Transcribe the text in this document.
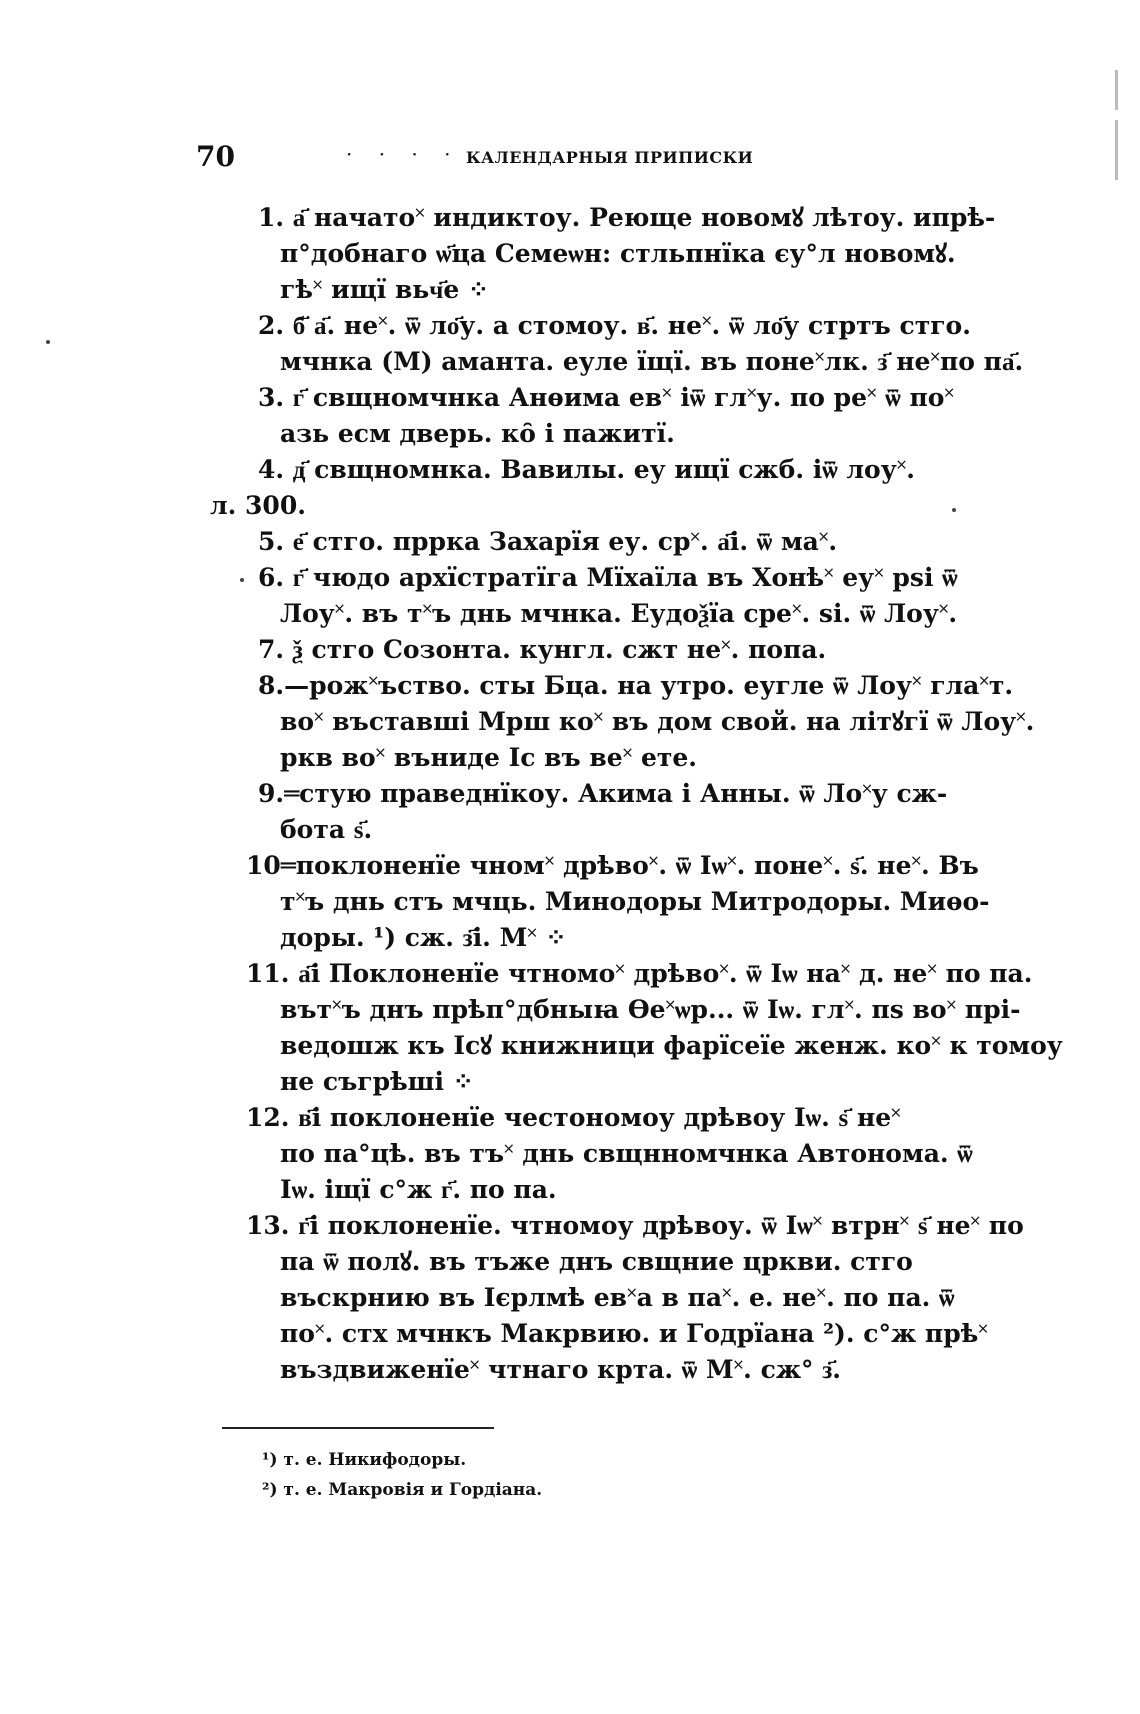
70	· · · · КАЛЕНДАРНЫЯ ПРИПИСКИ
1. а҃ начато˟ индиктоу. Реюще новомꙋ лѣтоу. ипрѣ-
п°добнаго ѡ҃ца Семеѡн: стльпнїка єу°л новомꙋ.
гѣ˟ ищї вьч҃е ⁘
2. б҃ а҃. не˟. ѿ ло҃у. а стомоу. в҃. не˟. ѿ ло҃у стртъ стго.
мчнка (М) аманта. еуле їщї. въ поне˟лк. з҃ не˟по па҃.
3. г҃ свщномчнка Анѳима ев˟ іѿ гл˟у. по ре˟ ѿ по˟
азь есм дверь. ко̑ і пажитї.
4. д҃ свщномнка. Вавилы. еу ищї сжб. іѿ лоу˟.
л. 300.
5. е҃ стго. пррка Захарїя еу. ср˟. а҃і. ѿ ма˟.
6. г҃ чюдо архїстратїга Мїхаїла въ Хонѣ˟ еу˟ рѕі ѿ
Лоу˟. въ т˟ъ днь мчнка. Еудоѯїа сре˟. ѕі. ѿ Лоу˟.
7. ѯ стго Созонта. кунгл. сжт не˟. попа.
8.—рож˟ъство. сты Бца. на утро. еугле ѿ Лоу˟ гла˟т.
во˟ въставші Мрш ко˟ въ дом свой. на літꙋгї ѿ Лоу˟.
ркв во˟ вънидe Іс въ ве˟ ете.
9.═стую праведнїкоу. Акима і Анны. ѿ Ло˟у сж-
бота ѕ҃.
10═поклоненїе чном˟ дрѣво˟. ѿ Іѡ˟. поне˟. ѕ҃. не˟. Въ
т˟ъ днь стъ мчць. Минодоры Митродоры. Миѳо-
доры. ¹) сж. з҃і. М˟ ⁘
11. а҃і Поклоненїе чтномо˟ дрѣво˟. ѿ Іѡ на˟ д. не˟ по па.
вът˟ъ днъ прѣп°дбныꙗ Ѳе˟ѡр... ѿ Іѡ. гл˟. пѕ во˟ прі-
ведошж къ Ісꙋ книжници фарїсеїе женж. ко˟ к томоу
не съгрѣші ⁘
12. в҃і поклоненїе честономоу дрѣвоу Іѡ. ѕ҃ не˟
по па°цѣ. въ тъ˟ днь свщнномчнка Автонома. ѿ
Іѡ. іщї с°ж г҃. по па.
13. г҃і поклоненїе. чтномоу дрѣвоу. ѿ Іѡ˟ втрн˟ ѕ҃ не˟ по
па ѿ полꙋ. въ тъже днъ свщние цркви. стго
въскрнию въ Ієрлмѣ ев˟а в па˟. е. не˟. по па. ѿ
по˟. стх мчнкъ Макрвию. и Годрїана ²). с°ж прѣ˟
въздвиженїе˟ чтнаго крта. ѿ М˟. сж° з҃.
¹) т. е. Никифодоры.
²) т. е. Макровія и Гордіана.
